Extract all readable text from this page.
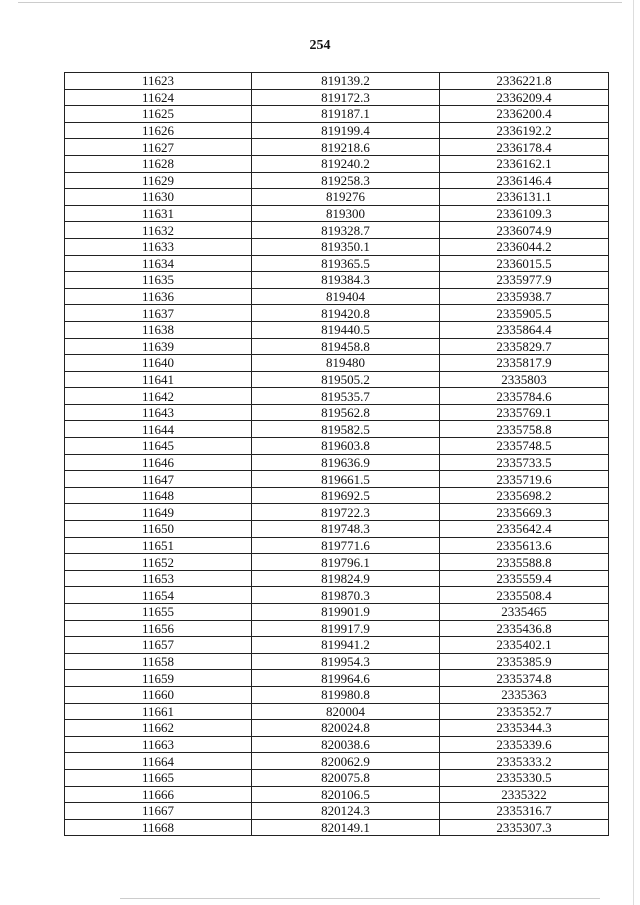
254
11623	819139.2	2336221.8
11624	819172.3	2336209.4
11625	819187.1	2336200.4
11626	819199.4	2336192.2
11627	819218.6	2336178.4
11628	819240.2	2336162.1
11629	819258.3	2336146.4
11630	819276	2336131.1
11631	819300	2336109.3
11632	819328.7	2336074.9
11633	819350.1	2336044.2
11634	819365.5	2336015.5
11635	819384.3	2335977.9
11636	819404	2335938.7
11637	819420.8	2335905.5
11638	819440.5	2335864.4
11639	819458.8	2335829.7
11640	819480	2335817.9
11641	819505.2	2335803
11642	819535.7	2335784.6
11643	819562.8	2335769.1
11644	819582.5	2335758.8
11645	819603.8	2335748.5
11646	819636.9	2335733.5
11647	819661.5	2335719.6
11648	819692.5	2335698.2
11649	819722.3	2335669.3
11650	819748.3	2335642.4
11651	819771.6	2335613.6
11652	819796.1	2335588.8
11653	819824.9	2335559.4
11654	819870.3	2335508.4
11655	819901.9	2335465
11656	819917.9	2335436.8
11657	819941.2	2335402.1
11658	819954.3	2335385.9
11659	819964.6	2335374.8
11660	819980.8	2335363
11661	820004	2335352.7
11662	820024.8	2335344.3
11663	820038.6	2335339.6
11664	820062.9	2335333.2
11665	820075.8	2335330.5
11666	820106.5	2335322
11667	820124.3	2335316.7
11668	820149.1	2335307.3
